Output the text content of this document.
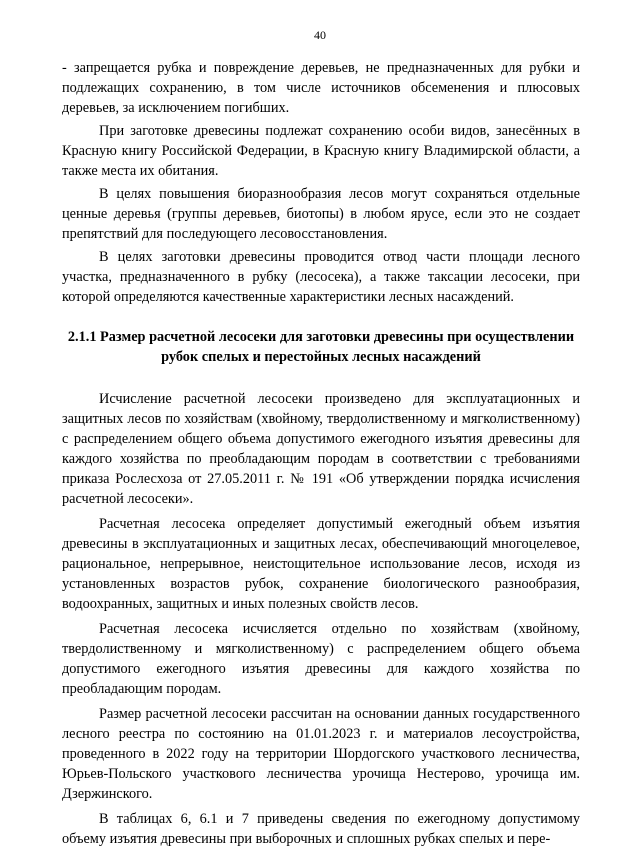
40

- запрещается рубка и повреждение деревьев, не предназначенных для рубки и подлежащих сохранению, в том числе источников обсеменения и плюсовых деревьев, за исключением погибших.

При заготовке древесины подлежат сохранению особи видов, занесённых в Красную книгу Российской Федерации, в Красную книгу Владимирской области, а также места их обитания.

В целях повышения биоразнообразия лесов могут сохраняться отдельные ценные деревья (группы деревьев, биотопы) в любом ярусе, если это не создает препятствий для последующего лесовосстановления.

В целях заготовки древесины проводится отвод части площади лесного участка, предназначенного в рубку (лесосека), а также таксации лесосеки, при которой определяются качественные характеристики лесных насаждений.

2.1.1 Размер расчетной лесосеки для заготовки древесины при осуществлении рубок спелых и перестойных лесных насаждений

Исчисление расчетной лесосеки произведено для эксплуатационных и защитных лесов по хозяйствам (хвойному, твердолиственному и мягколиственному) с распределением общего объема допустимого ежегодного изъятия древесины для каждого хозяйства по преобладающим породам в соответствии с требованиями приказа Рослесхоза от 27.05.2011 г. № 191 «Об утверждении порядка исчисления расчетной лесосеки».

Расчетная лесосека определяет допустимый ежегодный объем изъятия древесины в эксплуатационных и защитных лесах, обеспечивающий многоцелевое, рациональное, непрерывное, неистощительное использование лесов, исходя из установленных возрастов рубок, сохранение биологического разнообразия, водоохранных, защитных и иных полезных свойств лесов.

Расчетная лесосека исчисляется отдельно по хозяйствам (хвойному, твердолиственному и мягколиственному) с распределением общего объема допустимого ежегодного изъятия древесины для каждого хозяйства по преобладающим породам.

Размер расчетной лесосеки рассчитан на основании данных государственного лесного реестра по состоянию на 01.01.2023 г. и материалов лесоустройства, проведенного в 2022 году на территории Шордогского участкового лесничества, Юрьев-Польского участкового лесничества урочища Нестерово, урочища им. Дзержинского.

В таблицах 6, 6.1 и 7 приведены сведения по ежегодному допустимому объему изъятия древесины при выборочных и сплошных рубках спелых и пере-
